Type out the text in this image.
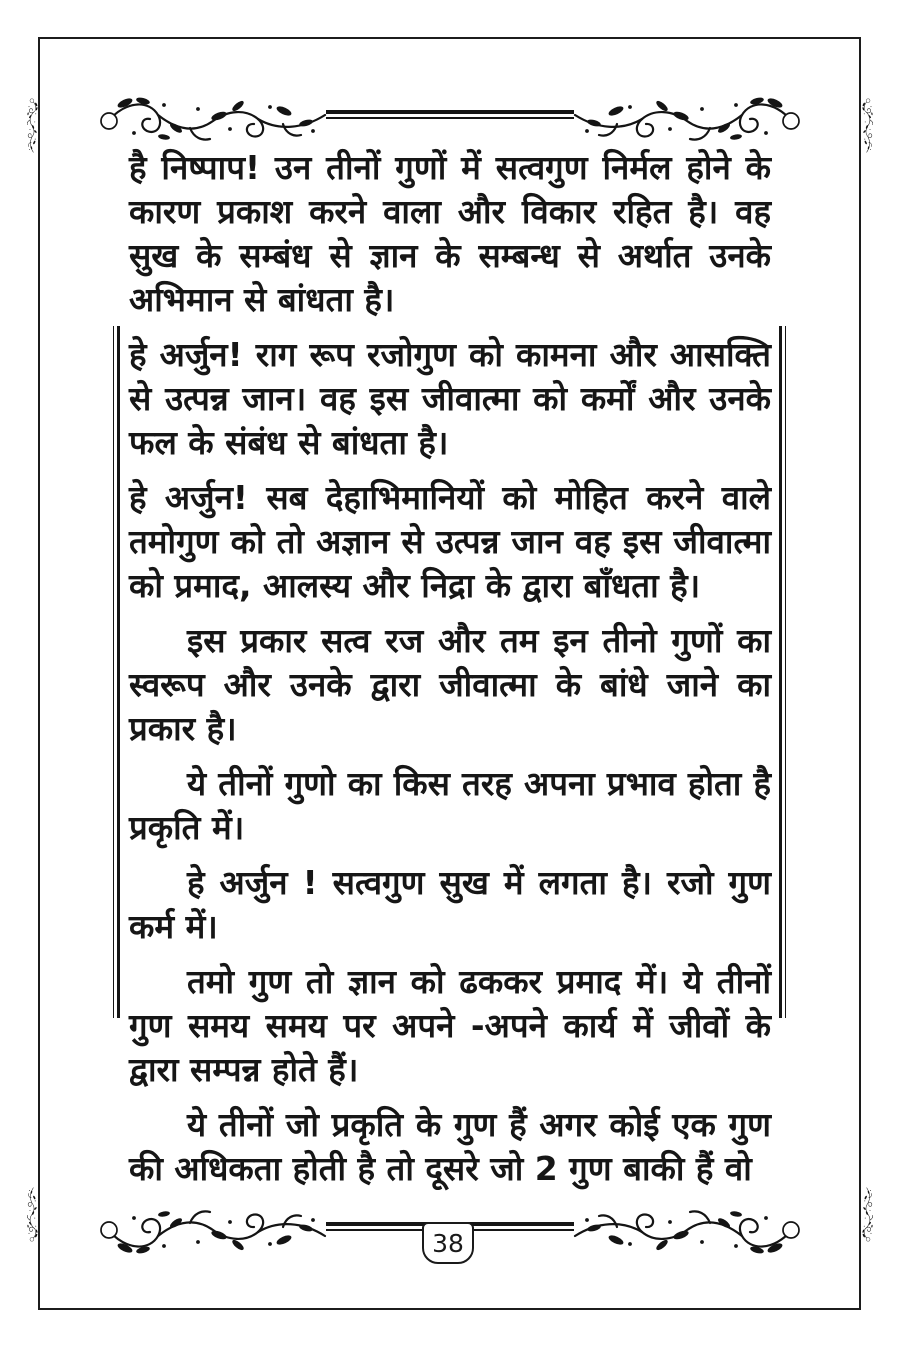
है निष्पाप! उन तीनों गुणों में सत्वगुण निर्मल होने के कारण प्रकाश करने वाला और विकार रहित है। वह सुख के सम्बंध से ज्ञान के सम्बन्ध से अर्थात उनके अभिमान से बांधता है।

हे अर्जुन! राग रूप रजोगुण को कामना और आसक्ति से उत्पन्न जान। वह इस जीवात्मा को कर्मों और उनके फल के संबंध से बांधता है।

हे अर्जुन! सब देहाभिमानियों को मोहित करने वाले तमोगुण को तो अज्ञान से उत्पन्न जान वह इस जीवात्मा को प्रमाद, आलस्य और निद्रा के द्वारा बाँधता है।

इस प्रकार सत्व रज और तम इन तीनो गुणों का स्वरूप और उनके द्वारा जीवात्मा के बांधे जाने का प्रकार है।

ये तीनों गुणो का किस तरह अपना प्रभाव होता है प्रकृति में।

हे अर्जुन ! सत्वगुण सुख में लगता है। रजो गुण कर्म में।

तमो गुण तो ज्ञान को ढककर प्रमाद में। ये तीनों गुण समय समय पर अपने -अपने कार्य में जीवों के द्वारा सम्पन्न होते हैं।

ये तीनों जो प्रकृति के गुण हैं अगर कोई एक गुण की अधिकता होती है तो दूसरे जो 2 गुण बाकी हैं वो

38
